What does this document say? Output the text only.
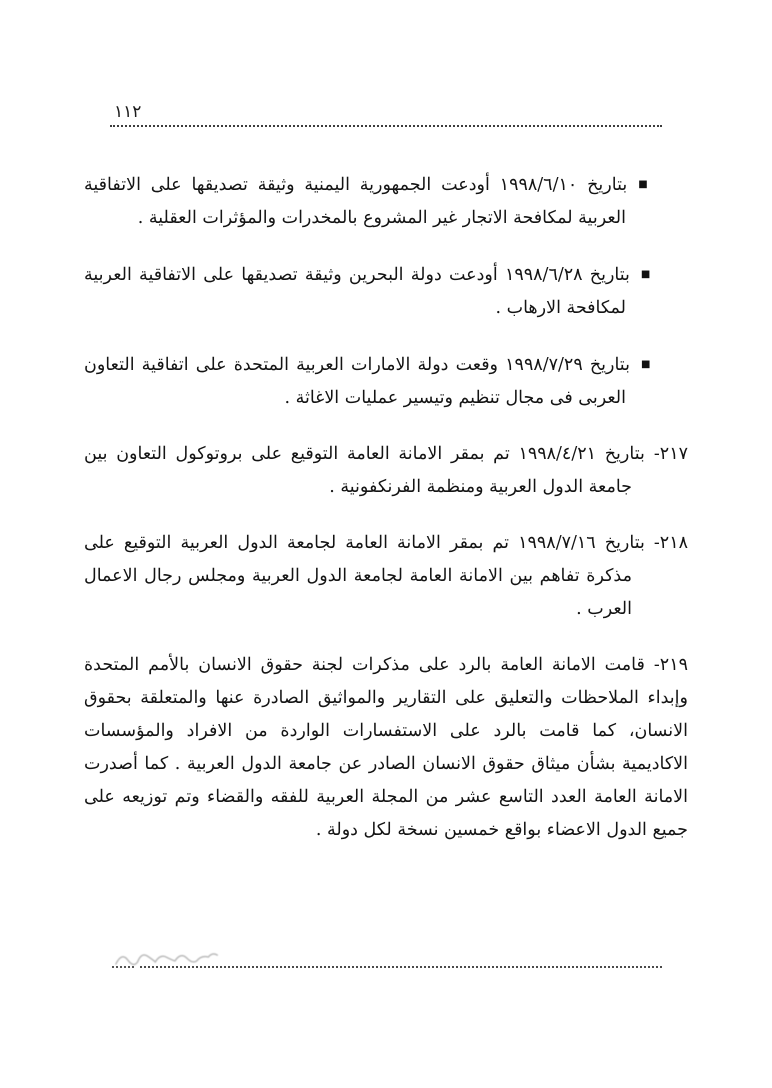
١١٢

■بتاريخ ١٩٩٨/٦/١٠ أودعت الجمهورية اليمنية وثيقة تصديقها على الاتفاقية العربية لمكافحة الاتجار غير المشروع بالمخدرات والمؤثرات العقلية .

■بتاريخ ١٩٩٨/٦/٢٨ أودعت دولة البحرين وثيقة تصديقها على الاتفاقية العربية لمكافحة الارهاب .

■بتاريخ ١٩٩٨/٧/٢٩ وقعت دولة الامارات العربية المتحدة على اتفاقية التعاون العربى فى مجال تنظيم وتيسير عمليات الاغاثة .

٢١٧-بتاريخ ١٩٩٨/٤/٢١ تم بمقر الامانة العامة التوقيع على بروتوكول التعاون بين جامعة الدول العربية ومنظمة الفرنكفونية .

٢١٨-بتاريخ ١٩٩٨/٧/١٦ تم بمقر الامانة العامة لجامعة الدول العربية التوقيع على مذكرة تفاهم بين الامانة العامة لجامعة الدول العربية ومجلس رجال الاعمال العرب .

٢١٩-قامت الامانة العامة بالرد على مذكرات لجنة حقوق الانسان بالأمم المتحدة وإبداء الملاحظات والتعليق على التقارير والمواثيق الصادرة عنها والمتعلقة بحقوق الانسان، كما قامت بالرد على الاستفسارات الواردة من الافراد والمؤسسات الاكاديمية بشأن ميثاق حقوق الانسان الصادر عن جامعة الدول العربية . كما أصدرت الامانة العامة العدد التاسع عشر من المجلة العربية للفقه والقضاء وتم توزيعه على جميع الدول الاعضاء بواقع خمسين نسخة لكل دولة .
